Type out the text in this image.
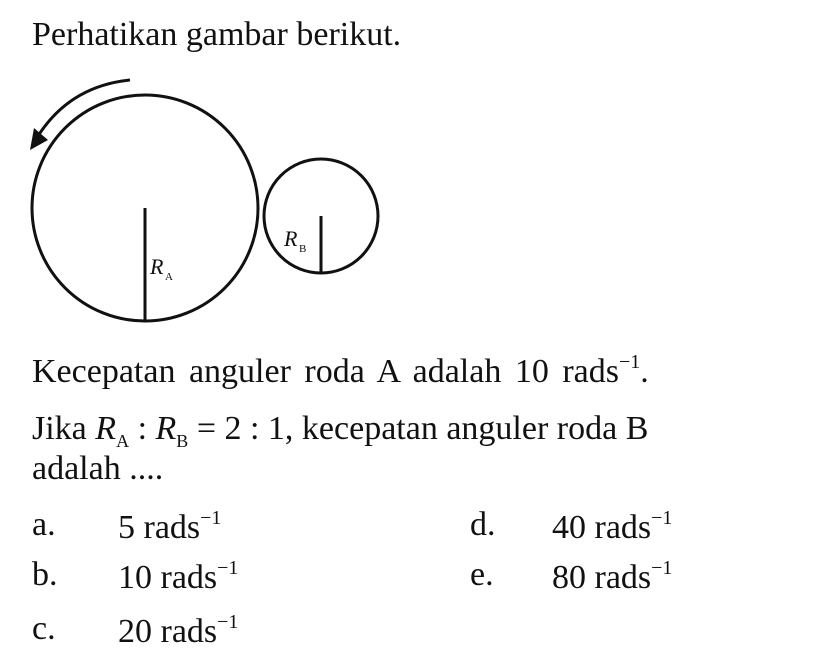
Perhatikan gambar berikut.
R A
R B
Kecepatan anguler roda A adalah 10 rads$^{-1}$.
Jika $R_A$ : $R_B = 2$ : 1, kecepatan anguler roda B
adalah ....
a. 5 rads$^{-1}$
b. 10 rads$^{-1}$
c. 20 rads$^{-1}$
d. 40 rads$^{-1}$
e. 80 rads$^{-1}$
